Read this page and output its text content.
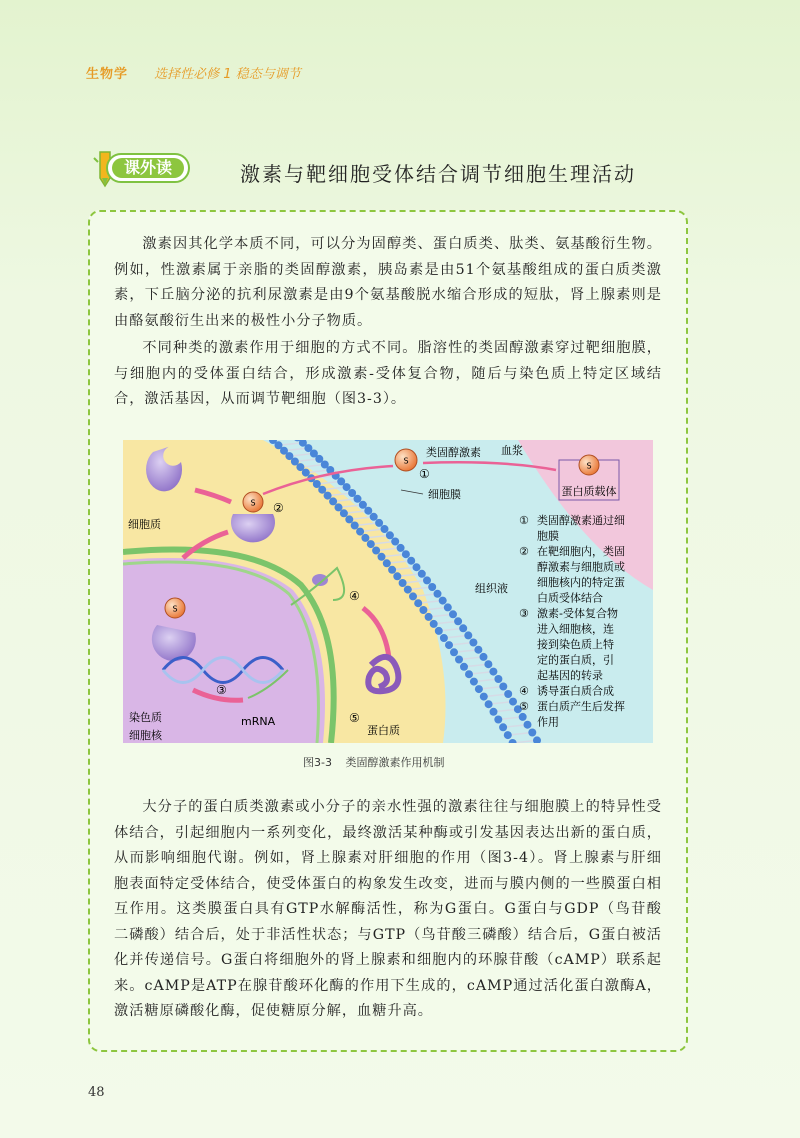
生物学 选择性必修 1 稳态与调节
课外读	激素与靶细胞受体结合调节细胞生理活动
激素因其化学本质不同，可以分为固醇类、蛋白质类、肽类、氨基酸衍生物。例如，性激素属于亲脂的类固醇激素，胰岛素是由51个氨基酸组成的蛋白质类激素，下丘脑分泌的抗利尿激素是由9个氨基酸脱水缩合形成的短肽，肾上腺素则是由酪氨酸衍生出来的极性小分子物质。
不同种类的激素作用于细胞的方式不同。脂溶性的类固醇激素穿过靶细胞膜，与细胞内的受体蛋白结合，形成激素-受体复合物，随后与染色质上特定区域结合，激活基因，从而调节靶细胞（图3-3）。
S
蛋白质载体
S
①
类固醇激素 血浆
细胞膜
S ②
细胞质
S
③
染色质	mRNA
细胞核
④
⑤
蛋白质
组织液
① 类固醇激素通过细
胞膜
② 在靶细胞内，类固
醇激素与细胞质或
细胞核内的特定蛋
白质受体结合
③ 激素-受体复合物
进入细胞核，连
接到染色质上特
定的蛋白质，引
起基因的转录
④ 诱导蛋白质合成
⑤ 蛋白质产生后发挥
作用
图3-3 类固醇激素作用机制
大分子的蛋白质类激素或小分子的亲水性强的激素往往与细胞膜上的特异性受体结合，引起细胞内一系列变化，最终激活某种酶或引发基因表达出新的蛋白质，从而影响细胞代谢。例如，肾上腺素对肝细胞的作用（图3-4）。肾上腺素与肝细胞表面特定受体结合，使受体蛋白的构象发生改变，进而与膜内侧的一些膜蛋白相互作用。这类膜蛋白具有GTP水解酶活性，称为G蛋白。G蛋白与GDP（鸟苷酸二磷酸）结合后，处于非活性状态；与GTP（鸟苷酸三磷酸）结合后，G蛋白被活化并传递信号。G蛋白将细胞外的肾上腺素和细胞内的环腺苷酸（cAMP）联系起来。cAMP是ATP在腺苷酸环化酶的作用下生成的，cAMP通过活化蛋白激酶A，激活糖原磷酸化酶，促使糖原分解，血糖升高。
48
